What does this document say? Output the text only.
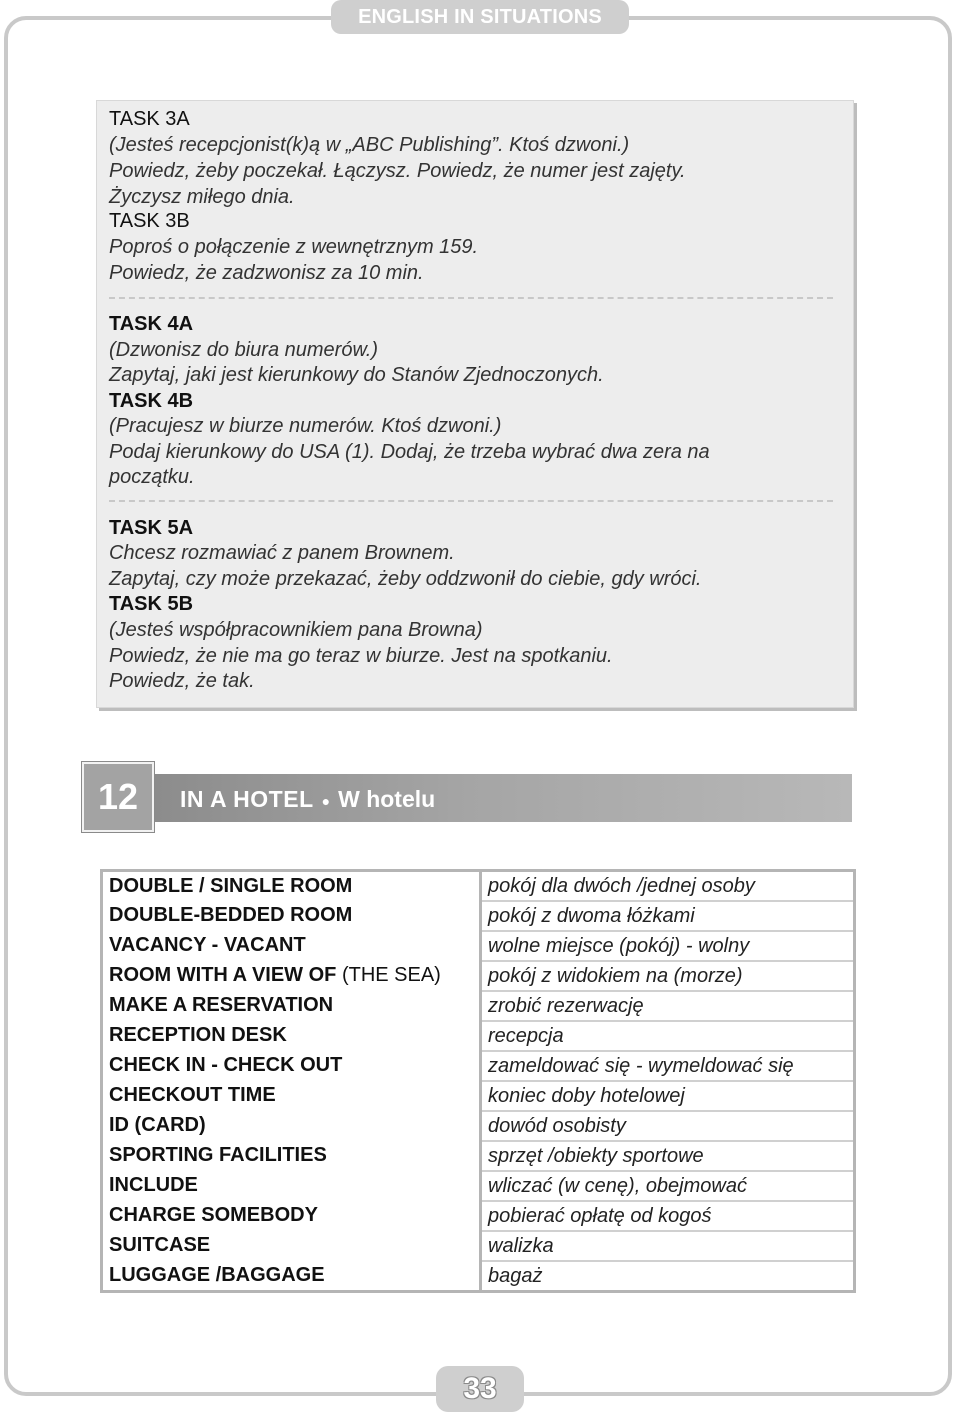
ENGLISH IN SITUATIONS
TASK 3A
(Jesteś recepcjonist(k)ą w „ABC Publishing”. Ktoś dzwoni.)
Powiedz, żeby poczekał. Łączysz. Powiedz, że numer jest zajęty.
Życzysz miłego dnia.
TASK 3B
Poproś o połączenie z wewnętrznym 159.
Powiedz, że zadzwonisz za 10 min.
TASK 4A
(Dzwonisz do biura numerów.)
Zapytaj, jaki jest kierunkowy do Stanów Zjednoczonych.
TASK 4B
(Pracujesz w biurze numerów. Ktoś dzwoni.)
Podaj kierunkowy do USA (1). Dodaj, że trzeba wybrać dwa zera na
początku.
TASK 5A
Chcesz rozmawiać z panem Brownem.
Zapytaj, czy może przekazać, żeby oddzwonił do ciebie, gdy wróci.
TASK 5B
(Jesteś współpracownikiem pana Browna)
Powiedz, że nie ma go teraz w biurze. Jest na spotkaniu.
Powiedz, że tak.
12	IN A HOTEL ● W hotelu
DOUBLE / SINGLE ROOM	pokój dla dwóch /jednej osoby
DOUBLE-BEDDED ROOM	pokój z dwoma łóżkami
VACANCY - VACANT	wolne miejsce (pokój) - wolny
ROOM WITH A VIEW OF (THE SEA)	pokój z widokiem na (morze)
MAKE A RESERVATION	zrobić rezerwację
RECEPTION DESK	recepcja
CHECK IN - CHECK OUT	zameldować się - wymeldować się
CHECKOUT TIME	koniec doby hotelowej
ID (CARD)	dowód osobisty
SPORTING FACILITIES	sprzęt /obiekty sportowe
INCLUDE	wliczać (w cenę), obejmować
CHARGE SOMEBODY	pobierać opłatę od kogoś
SUITCASE	walizka
LUGGAGE /BAGGAGE	bagaż
33
